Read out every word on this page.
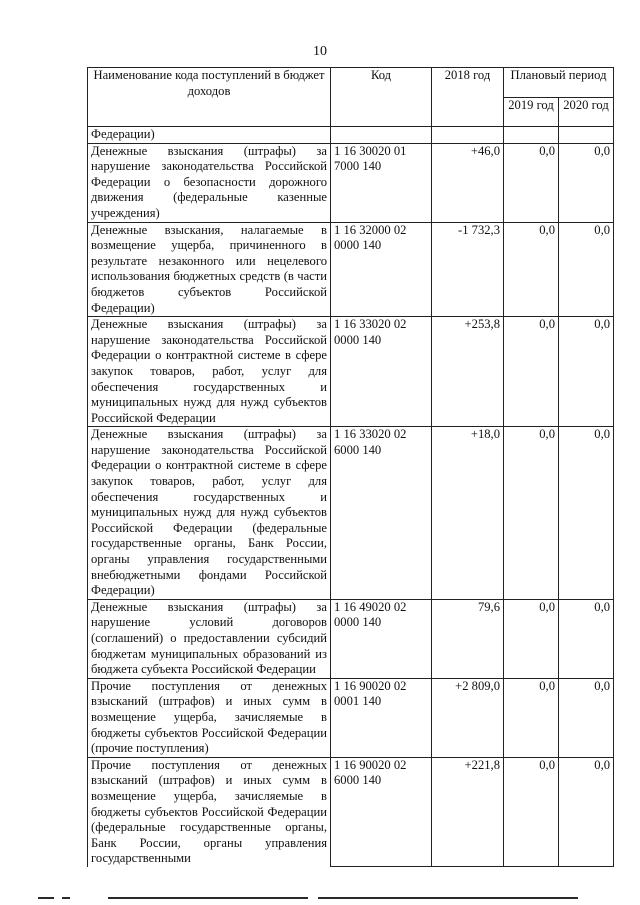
10
Наименование кода поступлений в бюджет доходов	Код	2018 год	Плановый период	
			2019 год	2020 год
Федерации)				
Денежные взыскания (штрафы) за нарушение законодательства Российской Федерации о безопасности дорожного движения (федеральные казенные учреждения)	1 16 30020 01 7000 140	+46,0	0,0	0,0
Денежные взыскания, налагаемые в возмещение ущерба, причиненного в результате незаконного или нецелевого использования бюджетных средств (в части бюджетов субъектов Российской Федерации)	1 16 32000 02 0000 140	-1 732,3	0,0	0,0
Денежные взыскания (штрафы) за нарушение законодательства Российской Федерации о контрактной системе в сфере закупок товаров, работ, услуг для обеспечения государственных и муниципальных нужд для нужд субъектов Российской Федерации	1 16 33020 02 0000 140	+253,8	0,0	0,0
Денежные взыскания (штрафы) за нарушение законодательства Российской Федерации о контрактной системе в сфере закупок товаров, работ, услуг для обеспечения государственных и муниципальных нужд для нужд субъектов Российской Федерации (федеральные государственные органы, Банк России, органы управления государственными внебюджетными фондами Российской Федерации)	1 16 33020 02 6000 140	+18,0	0,0	0,0
Денежные взыскания (штрафы) за нарушение условий договоров (соглашений) о предоставлении субсидий бюджетам муниципальных образований из бюджета субъекта Российской Федерации	1 16 49020 02 0000 140	79,6	0,0	0,0
Прочие поступления от денежных взысканий (штрафов) и иных сумм в возмещение ущерба, зачисляемые в бюджеты субъектов Российской Федерации (прочие поступления)	1 16 90020 02 0001 140	+2 809,0	0,0	0,0
Прочие поступления от денежных взысканий (штрафов) и иных сумм в возмещение ущерба, зачисляемые в бюджеты субъектов Российской Федерации (федеральные государственные органы, Банк России, органы управления государственными	1 16 90020 02 6000 140	+221,8	0,0	0,0
